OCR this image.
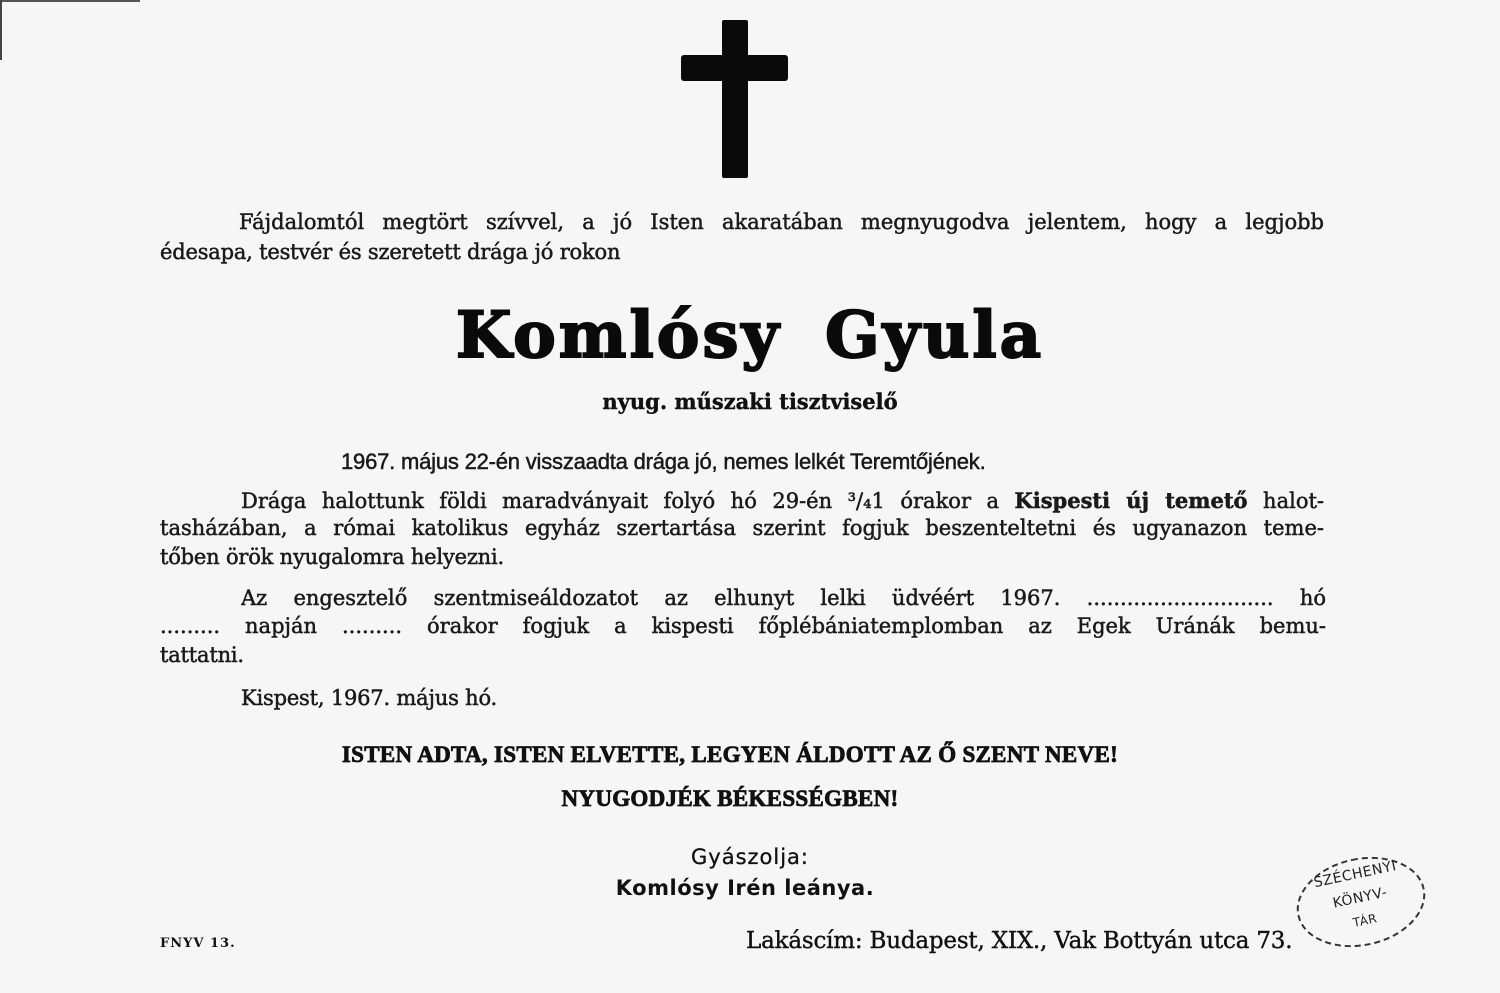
Fájdalomtól megtört szívvel, a jó Isten akaratában megnyugodva jelentem, hogy a legjobb
édesapa, testvér és szeretett drága jó rokon
Komlósy Gyula
nyug. műszaki tisztviselő
1967. május 22-én visszaadta drága jó, nemes lelkét Teremtőjének.
Drága halottunk földi maradványait folyó hó 29-én ³/₄1 órakor a Kispesti új temető halot-
tasházában, a római katolikus egyház szertartása szerint fogjuk beszenteltetni és ugyanazon teme-
tőben örök nyugalomra helyezni.
Az engesztelő szentmiseáldozatot az elhunyt lelki üdvéért 1967. ............................ hó
......... napján ......... órakor fogjuk a kispesti főplébániatemplomban az Egek Uránák bemu-
tattatni.
Kispest, 1967. május hó.
ISTEN ADTA, ISTEN ELVETTE, LEGYEN ÁLDOTT AZ Ő SZENT NEVE!
NYUGODJÉK BÉKESSÉGBEN!
Gyászolja:
Komlósy Irén leánya.
FNYV 13.	Lakáscím: Budapest, XIX., Vak Bottyán utca 73.
SZÉCHENYI
KÖNYV-
TÁR
